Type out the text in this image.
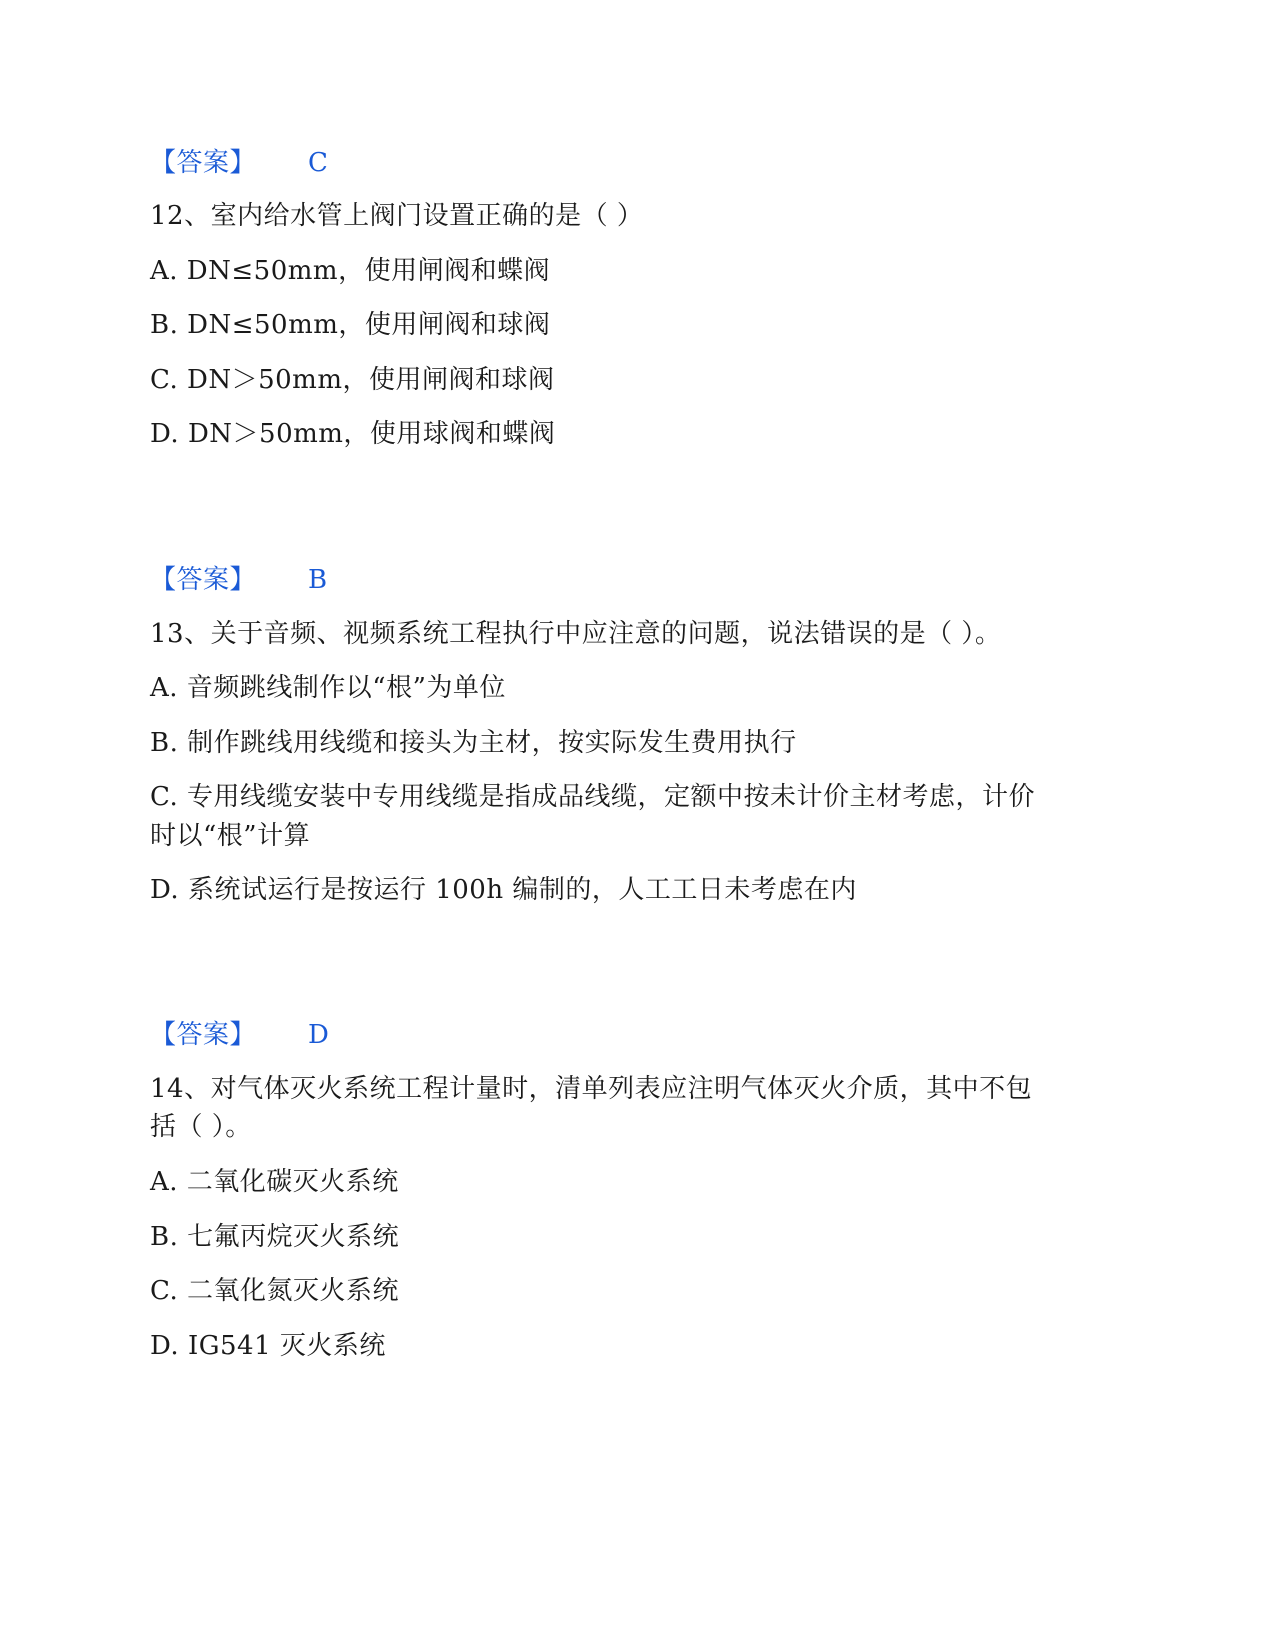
【答案】 C
12、室内给水管上阀门设置正确的是（ ）
A. DN≤50mm，使用闸阀和蝶阀
B. DN≤50mm，使用闸阀和球阀
C. DN＞50mm，使用闸阀和球阀
D. DN＞50mm，使用球阀和蝶阀
【答案】 B
13、关于音频、视频系统工程执行中应注意的问题，说法错误的是（ ）。
A. 音频跳线制作以“根”为单位
B. 制作跳线用线缆和接头为主材，按实际发生费用执行
C. 专用线缆安装中专用线缆是指成品线缆，定额中按未计价主材考虑，计价
时以“根”计算
D. 系统试运行是按运行 100h 编制的，人工工日未考虑在内
【答案】 D
14、对气体灭火系统工程计量时，清单列表应注明气体灭火介质，其中不包
括（ ）。
A. 二氧化碳灭火系统
B. 七氟丙烷灭火系统
C. 二氧化氮灭火系统
D. IG541 灭火系统
